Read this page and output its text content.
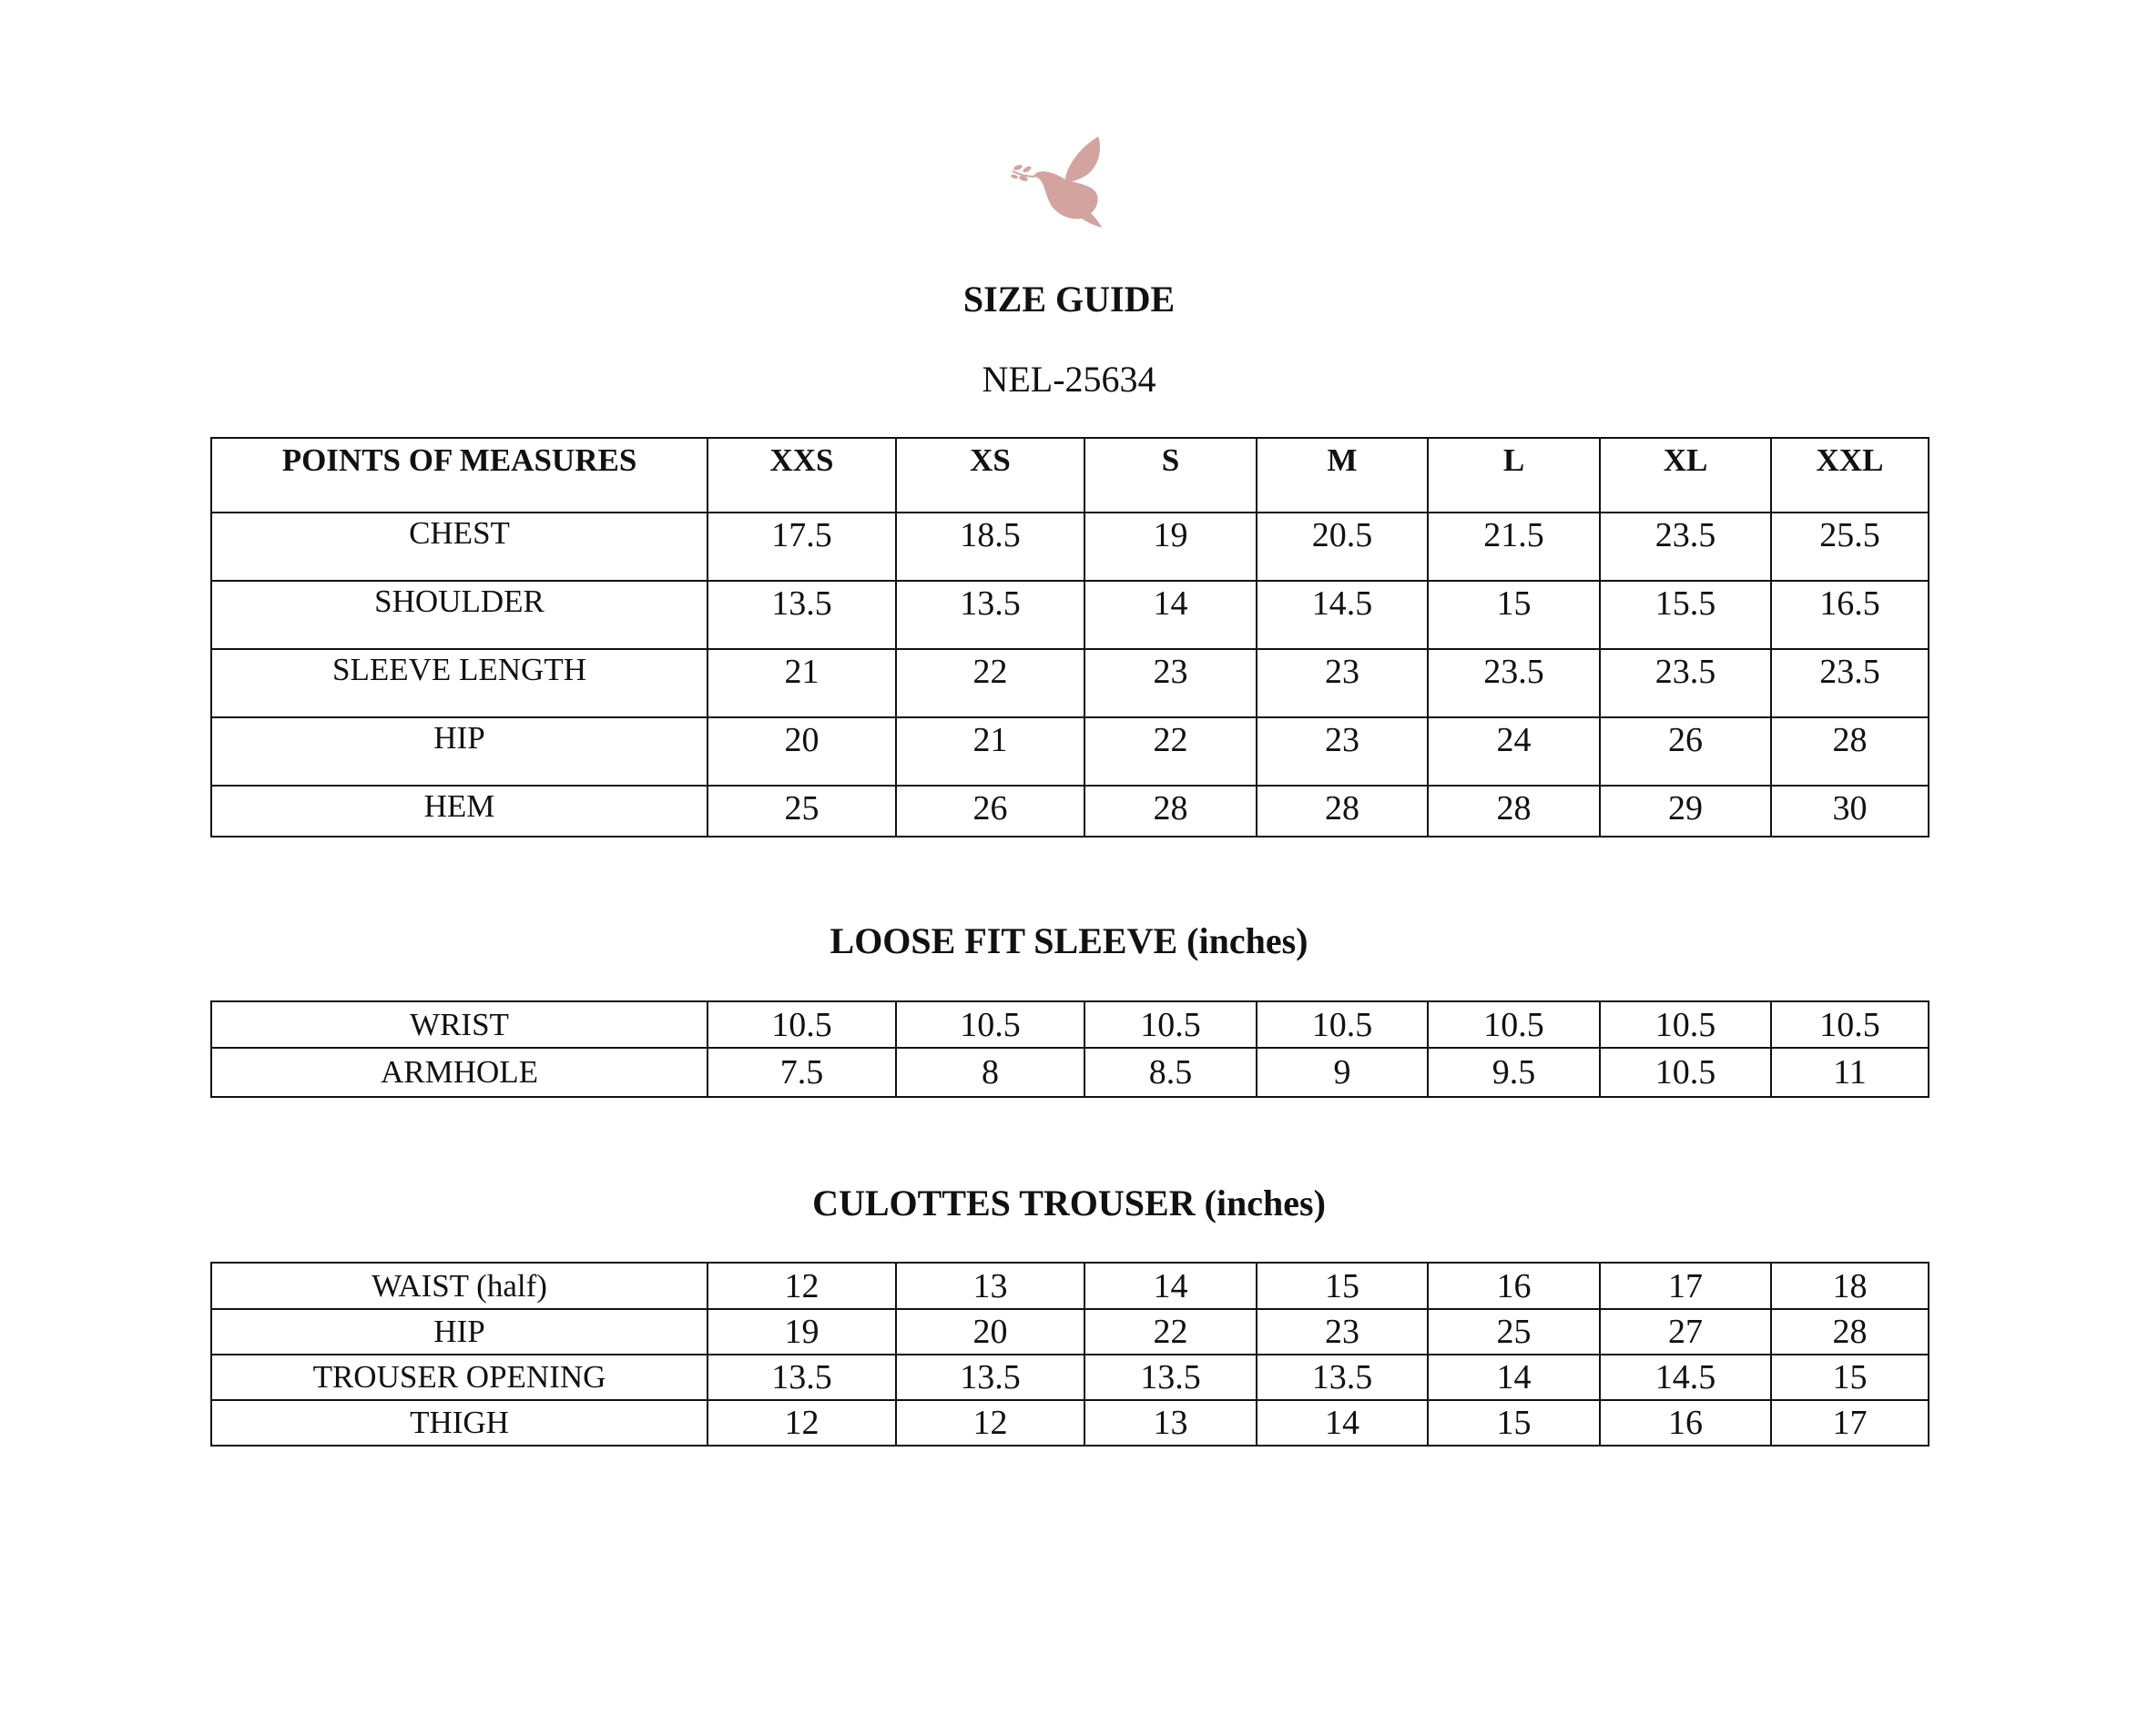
SIZE GUIDE

NEL-25634

POINTS OF MEASURES	XXS	XS	S	M	L	XL	XXL
CHEST	17.5	18.5	19	20.5	21.5	23.5	25.5
SHOULDER	13.5	13.5	14	14.5	15	15.5	16.5
SLEEVE LENGTH	21	22	23	23	23.5	23.5	23.5
HIP	20	21	22	23	24	26	28
HEM	25	26	28	28	28	29	30
LOOSE FIT SLEEVE (inches)
WRIST	10.5	10.5	10.5	10.5	10.5	10.5	10.5
ARMHOLE	7.5	8	8.5	9	9.5	10.5	11
CULOTTES TROUSER (inches)
WAIST (half)	12	13	14	15	16	17	18
HIP	19	20	22	23	25	27	28
TROUSER OPENING	13.5	13.5	13.5	13.5	14	14.5	15
THIGH	12	12	13	14	15	16	17
